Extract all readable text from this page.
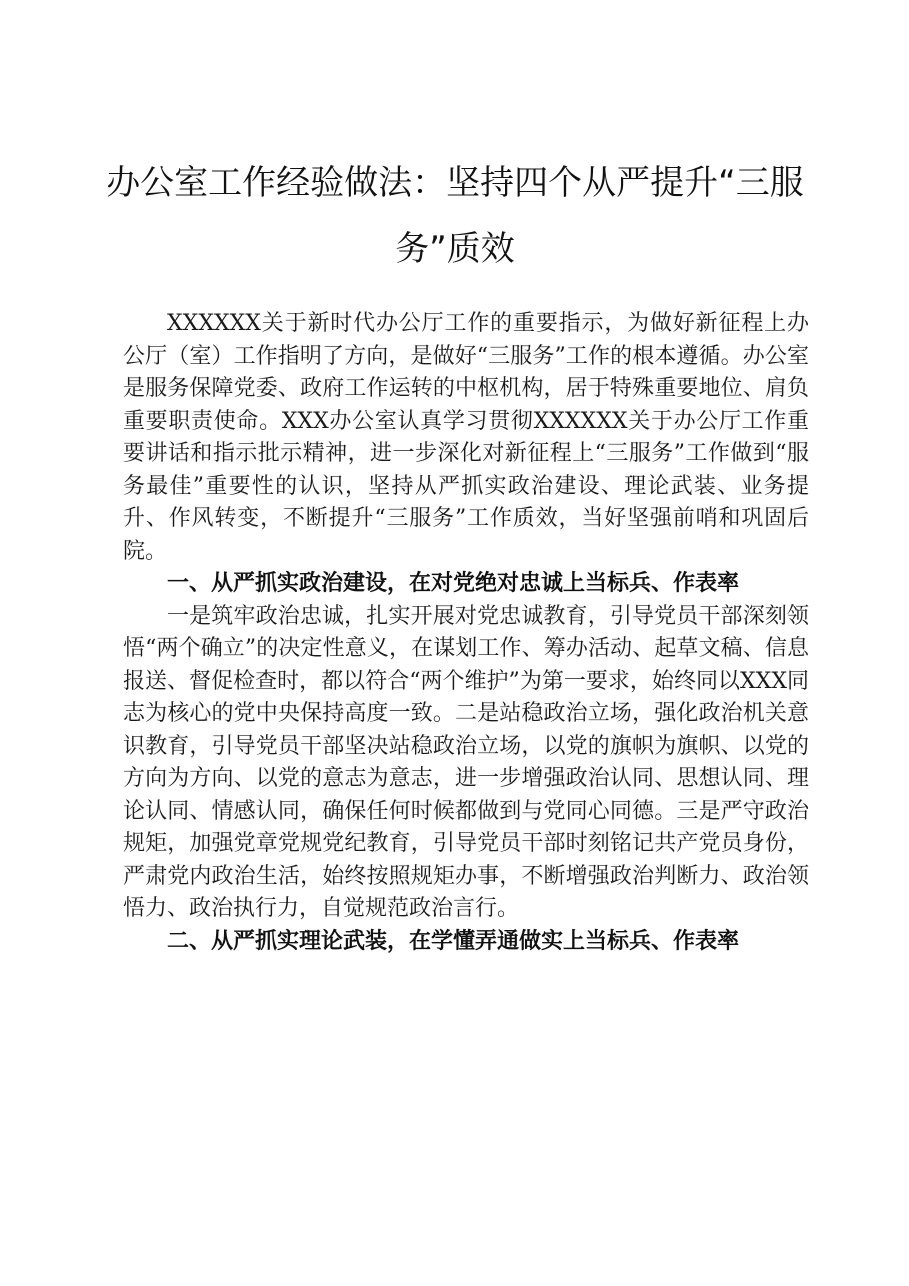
办公室工作经验做法：坚持四个从严提升“三服务”质效

XXXXXX关于新时代办公厅工作的重要指示，为做好新征程上办公厅（室）工作指明了方向，是做好“三服务”工作的根本遵循。办公室是服务保障党委、政府工作运转的中枢机构，居于特殊重要地位、肩负重要职责使命。XXX办公室认真学习贯彻XXXXXX关于办公厅工作重要讲话和指示批示精神，进一步深化对新征程上“三服务”工作做到“服务最佳”重要性的认识，坚持从严抓实政治建设、理论武装、业务提升、作风转变，不断提升“三服务”工作质效，当好坚强前哨和巩固后院。

一、从严抓实政治建设，在对党绝对忠诚上当标兵、作表率

一是筑牢政治忠诚，扎实开展对党忠诚教育，引导党员干部深刻领悟“两个确立”的决定性意义，在谋划工作、筹办活动、起草文稿、信息报送、督促检查时，都以符合“两个维护”为第一要求，始终同以XXX同志为核心的党中央保持高度一致。二是站稳政治立场，强化政治机关意识教育，引导党员干部坚决站稳政治立场，以党的旗帜为旗帜、以党的方向为方向、以党的意志为意志，进一步增强政治认同、思想认同、理论认同、情感认同，确保任何时候都做到与党同心同德。三是严守政治规矩，加强党章党规党纪教育，引导党员干部时刻铭记共产党员身份，严肃党内政治生活，始终按照规矩办事，不断增强政治判断力、政治领悟力、政治执行力，自觉规范政治言行。

二、从严抓实理论武装，在学懂弄通做实上当标兵、作表率
